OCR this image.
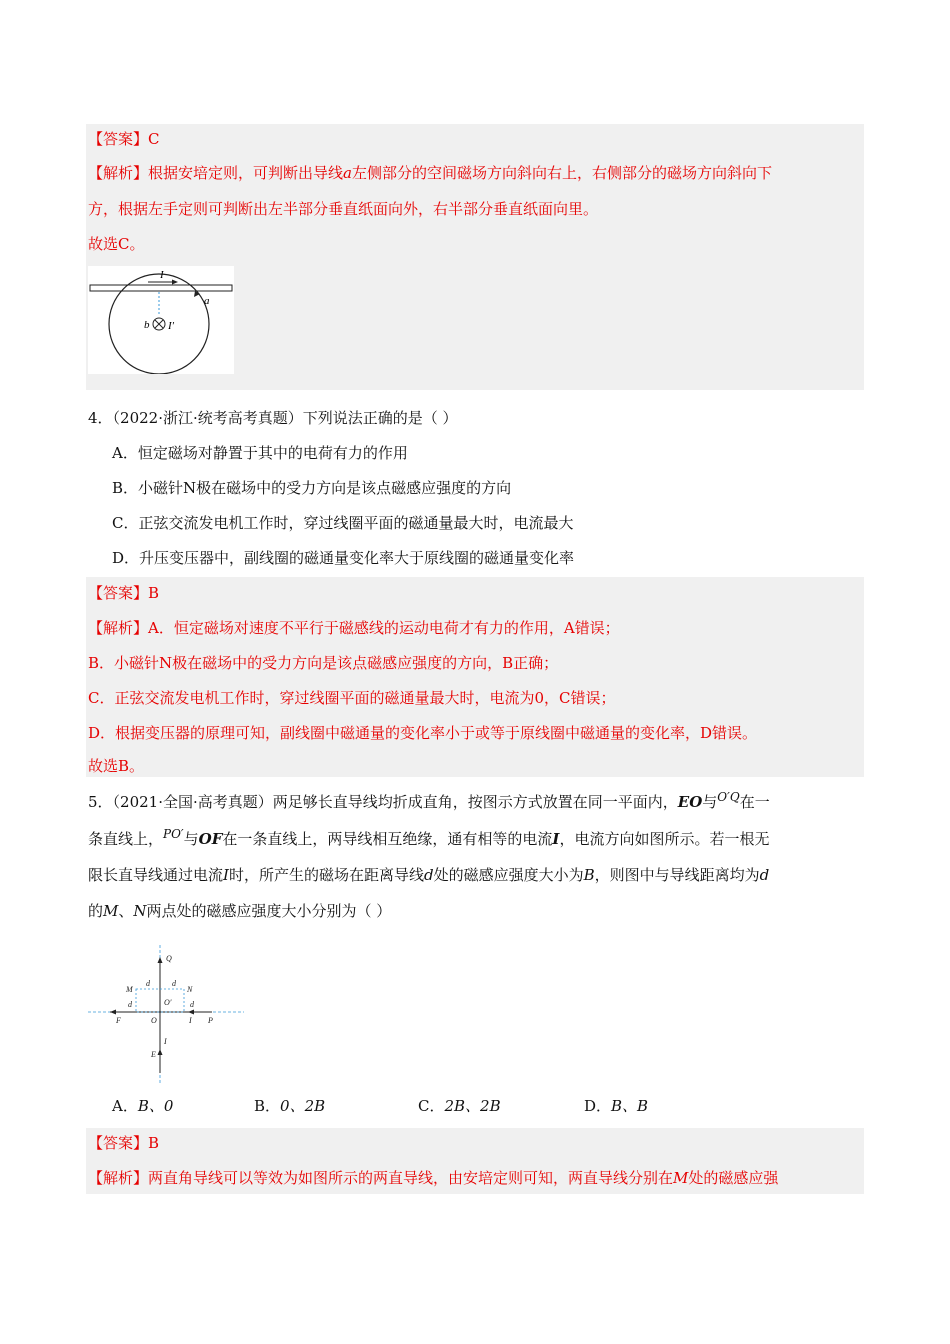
【答案】C
【解析】根据安培定则，可判断出导线a左侧部分的空间磁场方向斜向右上，右侧部分的磁场方向斜向下
方，根据左手定则可判断出左半部分垂直纸面向外，右半部分垂直纸面向里。
故选C。
I
a
b I′
4．（2022·浙江·统考高考真题）下列说法正确的是（ ）
A．恒定磁场对静置于其中的电荷有力的作用
B．小磁针N极在磁场中的受力方向是该点磁感应强度的方向
C．正弦交流发电机工作时，穿过线圈平面的磁通量最大时，电流最大
D．升压变压器中，副线圈的磁通量变化率大于原线圈的磁通量变化率
【答案】B
【解析】A．恒定磁场对速度不平行于磁感线的运动电荷才有力的作用，A错误；
B．小磁针N极在磁场中的受力方向是该点磁感应强度的方向，B正确；
C．正弦交流发电机工作时，穿过线圈平面的磁通量最大时，电流为0，C错误；
D．根据变压器的原理可知，副线圈中磁通量的变化率小于或等于原线圈中磁通量的变化率，D错误。
故选B。
5．（2021·全国·高考真题）两足够长直导线均折成直角，按图示方式放置在同一平面内，EO与$^{O'Q}$在一
条直线上，$^{PO'}$与OF在一条直线上，两导线相互绝缘，通有相等的电流I，电流方向如图所示。若一根无
限长直导线通过电流I时，所产生的磁场在距离导线d处的磁感应强度大小为B，则图中与导线距离均为d
的M、N两点处的磁感应强度大小分别为（ ）
Q
M
d	d
N
d	d
O′
F	O	I P
I
E
A．B、0	B．0、2B	C．2B、2B	D．B、B
【答案】B
【解析】两直角导线可以等效为如图所示的两直导线，由安培定则可知，两直导线分别在M处的磁感应强
